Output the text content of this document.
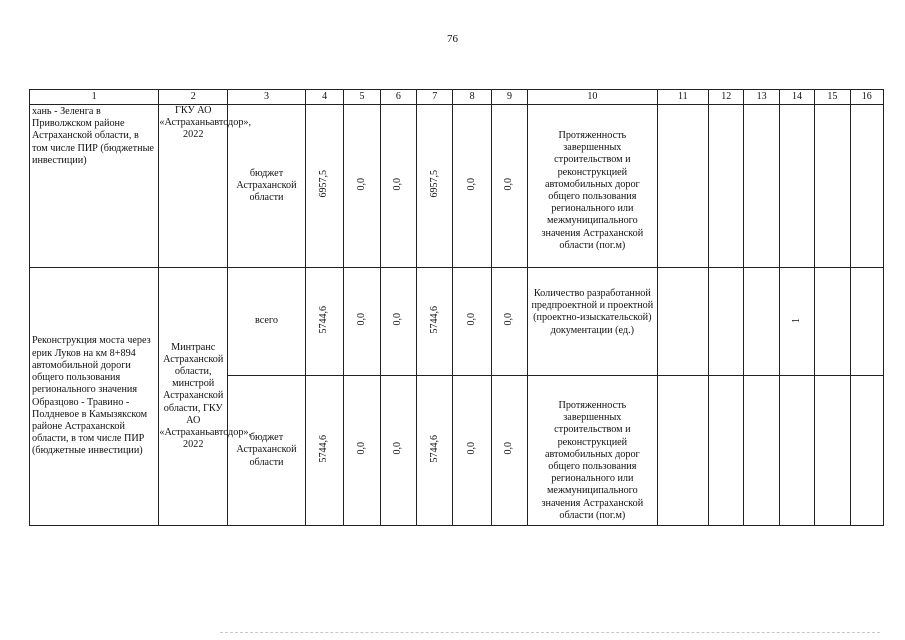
76
1	2	3	4	5	6	7	8	9	10	11	12	13	14	15	16
хань - Зеленга в Приволжском районе Астраханской области, в том числе ПИР (бюджетные инвестиции)	ГКУ АО «Астраханьавтодор», 2022	бюджет Астраханской области	6957,5	0,0	0,0	6957,5	0,0	0,0	Протяженность завершенных строительством и реконструкцией автомобильных дорог общего пользования регионального или межмуниципального значения Астраханской области (пог.м)						

Реконструкция моста через ерик Луков на км 8+894 автомобильной дороги общего пользования регионального значения Образцово - Травино - Полдневое в Камызякском районе Астраханской области, в том числе ПИР (бюджетные инвестиции)	Минтранс Астраханской области, минстрой Астраханской области, ГКУ АО «Астраханьавтодор», 2022	всего	5744,6	0,0	0,0	5744,6	0,0	0,0	Количество разработанной предпроектной и проектной (проектно-изыскательской) документации (ед.)				1		
		бюджет Астраханской области	5744,6	0,0	0,0	5744,6	0,0	0,0	Протяженность завершенных строительством и реконструкцией автомобильных дорог общего пользования регионального или межмуниципального значения Астраханской области (пог.м)						
